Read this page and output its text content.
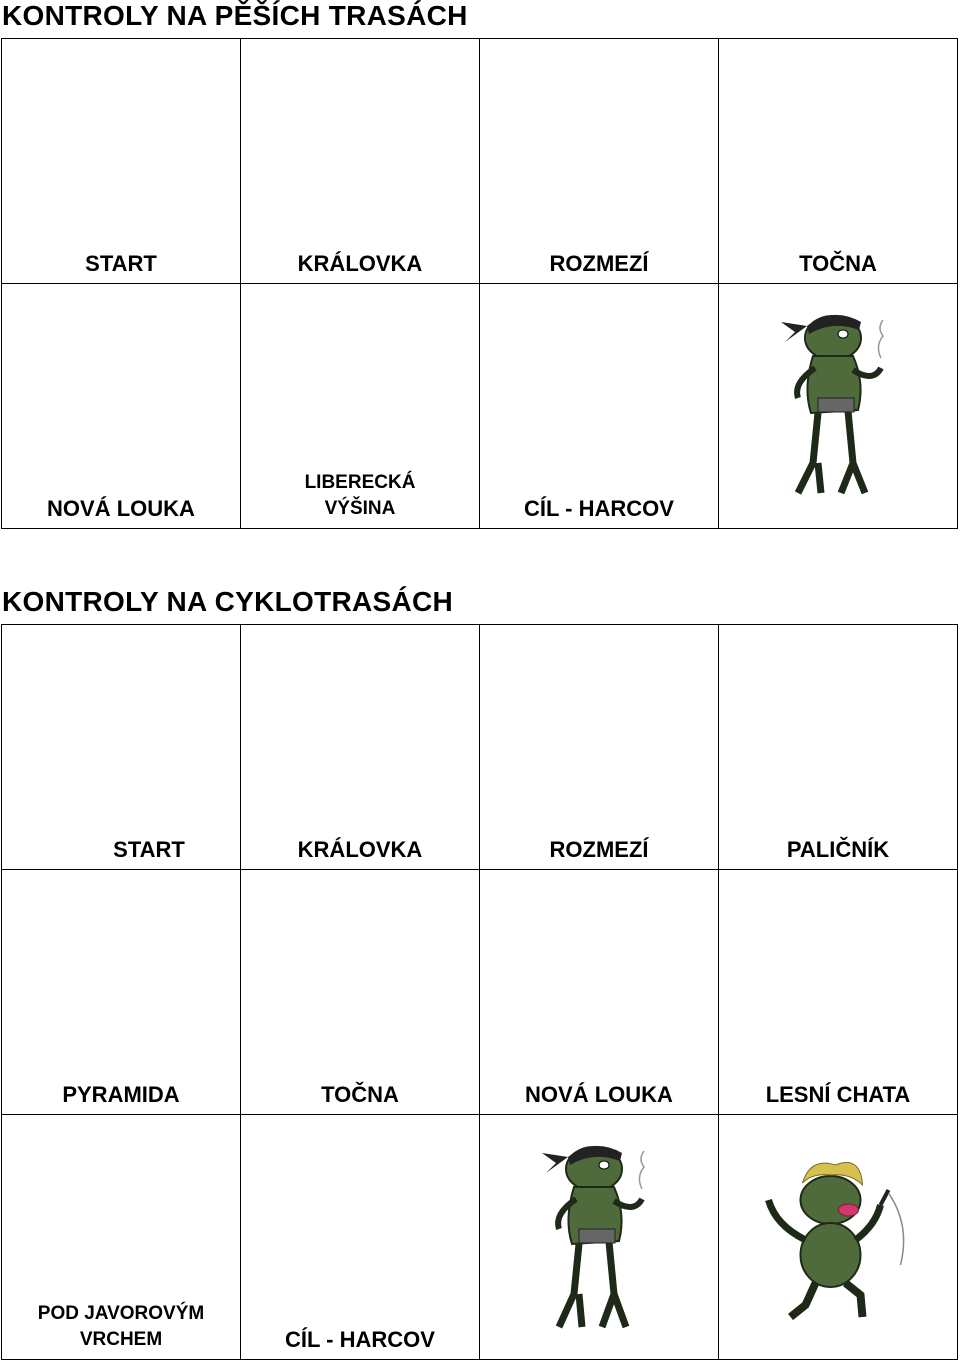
KONTROLY NA PĚŠÍCH TRASÁCH
START	KRÁLOVKA	ROZMEZÍ	TOČNA
NOVÁ LOUKA	LIBERECKÁ VÝŠINA	CÍL - HARCOV	
KONTROLY NA CYKLOTRASÁCH
START	KRÁLOVKA	ROZMEZÍ	PALIČNÍK
PYRAMIDA	TOČNA	NOVÁ LOUKA	LESNÍ CHATA
POD JAVOROVÝM VRCHEM	CÍL - HARCOV	
